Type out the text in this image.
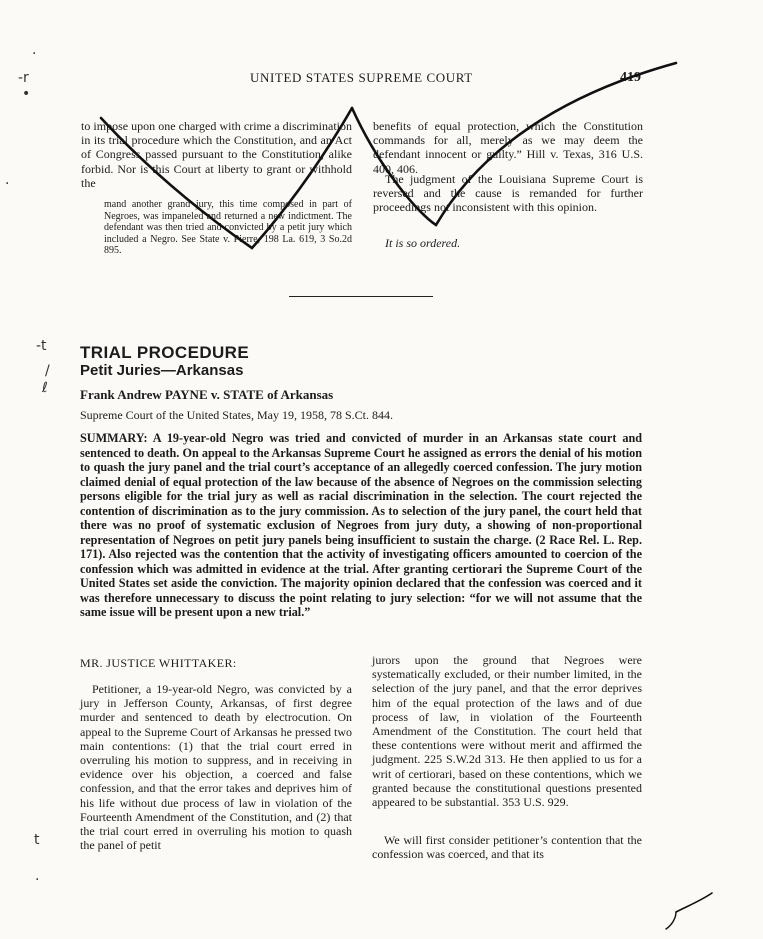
.
‐r
•
.
‑t
/
ℓ
t
.
UNITED STATES SUPREME COURT	419
to impose upon one charged with crime a discrimination in its trial procedure which the Constitution, and an Act of Congress passed pursuant to the Constitution, alike forbid. Nor is this Court at liberty to grant or withhold the
mand another grand jury, this time composed in part of Negroes, was impaneled and returned a new indictment. The defendant was then tried and convicted by a petit jury which included a Negro. See State v. Pierre, 198 La. 619, 3 So.2d 895.
benefits of equal protection, which the Constitution commands for all, merely as we may deem the defendant innocent or guilty.” Hill v. Texas, 316 U.S. 400, 406.
The judgment of the Louisiana Supreme Court is reversed and the cause is remanded for further proceedings not inconsistent with this opinion.
It is so ordered.
TRIAL PROCEDURE
Petit Juries—Arkansas
Frank Andrew PAYNE v. STATE of Arkansas
Supreme Court of the United States, May 19, 1958, 78 S.Ct. 844.
SUMMARY: A 19-year-old Negro was tried and convicted of murder in an Arkansas state court and sentenced to death. On appeal to the Arkansas Supreme Court he assigned as errors the denial of his motion to quash the jury panel and the trial court’s acceptance of an allegedly coerced confession. The jury motion claimed denial of equal protection of the law because of the absence of Negroes on the commission selecting persons eligible for the trial jury as well as racial discrimination in the selection. The court rejected the contention of discrimination as to the jury commission. As to selection of the jury panel, the court held that there was no proof of systematic exclusion of Negroes from jury duty, a showing of non-proportional representation of Negroes on petit jury panels being insufficient to sustain the charge. (2 Race Rel. L. Rep. 171). Also rejected was the contention that the activity of investigating officers amounted to coercion of the confession which was admitted in evidence at the trial. After granting certiorari the Supreme Court of the United States set aside the conviction. The majority opinion declared that the confession was coerced and it was therefore unnecessary to discuss the point relating to jury selection: “for we will not assume that the same issue will be present upon a new trial.”
MR. JUSTICE WHITTAKER:
Petitioner, a 19-year-old Negro, was convicted by a jury in Jefferson County, Arkansas, of first degree murder and sentenced to death by electrocution. On appeal to the Supreme Court of Arkansas he pressed two main contentions: (1) that the trial court erred in overruling his motion to suppress, and in receiving in evidence over his objection, a coerced and false confession, and that the error takes and deprives him of his life without due process of law in violation of the Fourteenth Amendment of the Constitution, and (2) that the trial court erred in overruling his motion to quash the panel of petit
jurors upon the ground that Negroes were systematically excluded, or their number limited, in the selection of the jury panel, and that the error deprives him of the equal protection of the laws and of due process of law, in violation of the Fourteenth Amendment of the Constitution. The court held that these contentions were without merit and affirmed the judgment. 225 S.W.2d 313. He then applied to us for a writ of certiorari, based on these contentions, which we granted because the constitutional questions presented appeared to be substantial. 353 U.S. 929.
We will first consider petitioner’s contention that the confession was coerced, and that its
